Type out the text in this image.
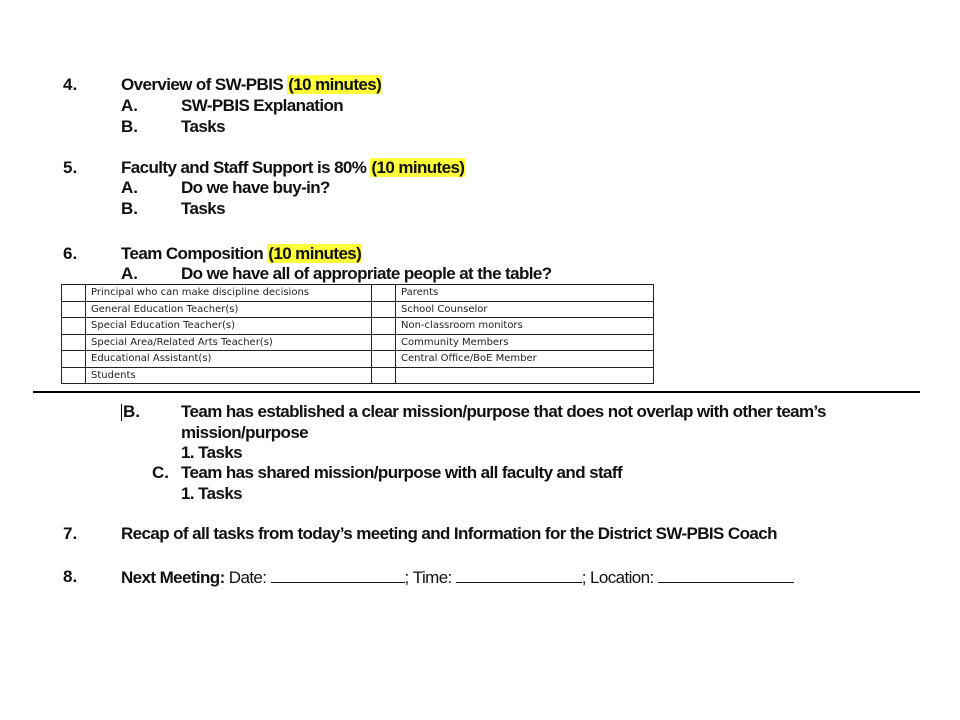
4.	Overview of SW-PBIS (10 minutes)
A.	SW-PBIS Explanation
B.	Tasks
5.	Faculty and Staff Support is 80% (10 minutes)
A.	Do we have buy-in?
B.	Tasks
6.	Team Composition (10 minutes)
A.	Do we have all of appropriate people at the table?
	Principal who can make discipline decisions		Parents
	General Education Teacher(s)		School Counselor
	Special Education Teacher(s)		Non-classroom monitors
	Special Area/Related Arts Teacher(s)		Community Members
	Educational Assistant(s)		Central Office/BoE Member
	Students		
B. Team has established a clear mission/purpose that does not overlap with other team’s
mission/purpose
1. Tasks
C. Team has shared mission/purpose with all faculty and staff
1. Tasks
7.	Recap of all tasks from today’s meeting and Information for the District SW-PBIS Coach
8.	Next Meeting: Date:	; Time:	; Location:
